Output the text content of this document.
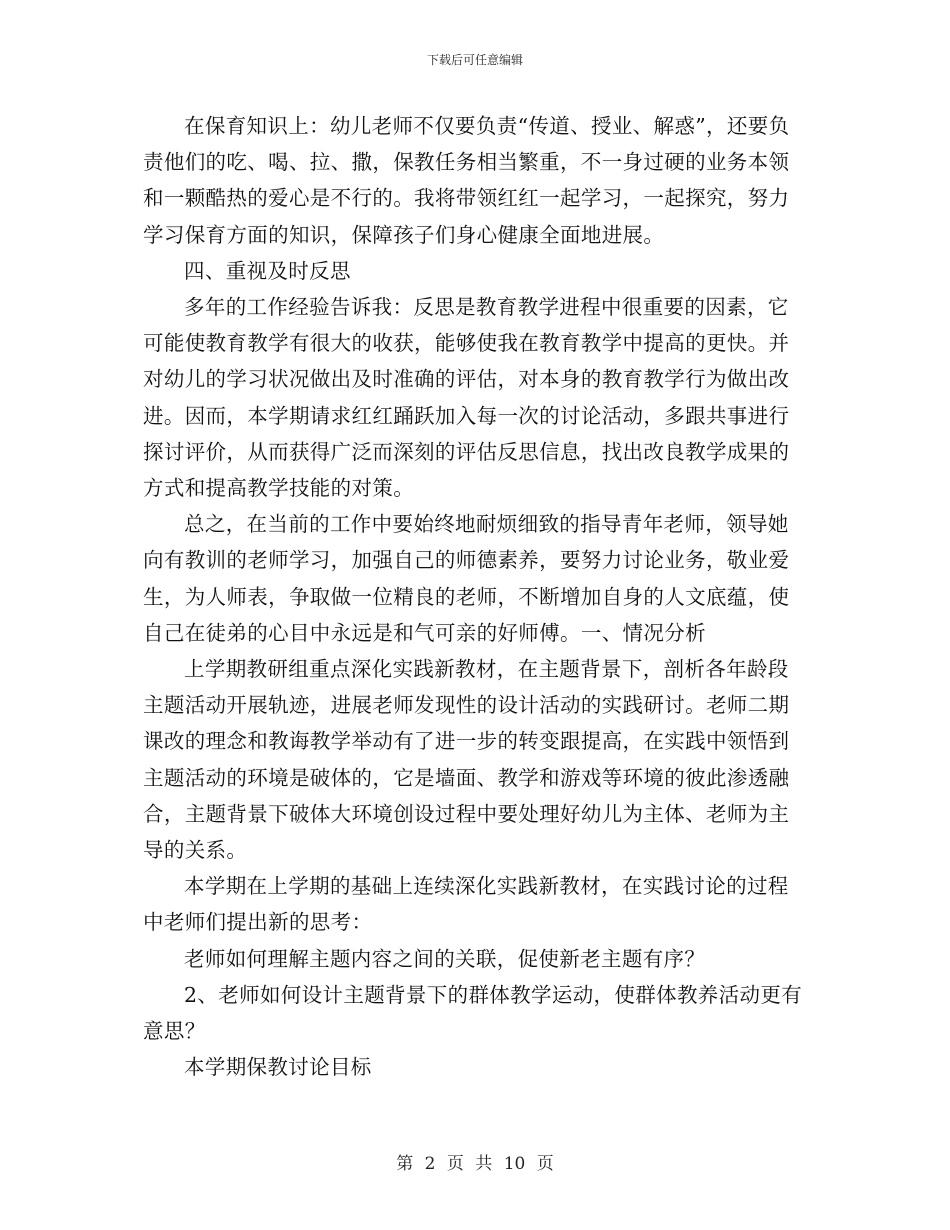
下载后可任意编辑

在保育知识上：幼儿老师不仅要负责“传道、授业、解惑”，还要负责他们的吃、喝、拉、撒，保教任务相当繁重，不一身过硬的业务本领和一颗酷热的爱心是不行的。我将带领红红一起学习，一起探究，努力学习保育方面的知识，保障孩子们身心健康全面地进展。

四、重视及时反思

多年的工作经验告诉我：反思是教育教学进程中很重要的因素，它可能使教育教学有很大的收获，能够使我在教育教学中提高的更快。并对幼儿的学习状况做出及时准确的评估，对本身的教育教学行为做出改进。因而，本学期请求红红踊跃加入每一次的讨论活动，多跟共事进行探讨评价，从而获得广泛而深刻的评估反思信息，找出改良教学成果的方式和提高教学技能的对策。

总之，在当前的工作中要始终地耐烦细致的指导青年老师，领导她向有教训的老师学习，加强自己的师德素养，要努力讨论业务，敬业爱生，为人师表，争取做一位精良的老师，不断增加自身的人文底蕴，使自己在徒弟的心目中永远是和气可亲的好师傅。一、情况分析

上学期教研组重点深化实践新教材，在主题背景下，剖析各年龄段主题活动开展轨迹，进展老师发现性的设计活动的实践研讨。老师二期课改的理念和教诲教学举动有了进一步的转变跟提高，在实践中领悟到主题活动的环境是破体的，它是墙面、教学和游戏等环境的彼此渗透融合，主题背景下破体大环境创设过程中要处理好幼儿为主体、老师为主导的关系。

本学期在上学期的基础上连续深化实践新教材，在实践讨论的过程中老师们提出新的思考：

老师如何理解主题内容之间的关联，促使新老主题有序？

2、老师如何设计主题背景下的群体教学运动，使群体教养活动更有意思？

本学期保教讨论目标

第 2 页 共 10 页
